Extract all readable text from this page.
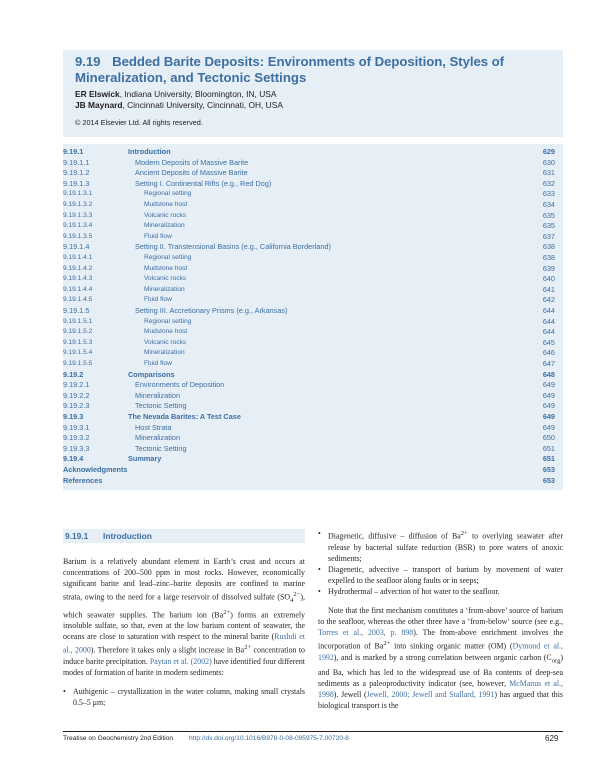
9.19 Bedded Barite Deposits: Environments of Deposition, Styles of
Mineralization, and Tectonic Settings
ER Elswick, Indiana University, Bloomington, IN, USA
JB Maynard, Cincinnati University, Cincinnati, OH, USA
© 2014 Elsevier Ltd. All rights reserved.
9.19.1	Introduction	629
9.19.1.1	Modern Deposits of Massive Barite	630
9.19.1.2	Ancient Deposits of Massive Barite	631
9.19.1.3	Setting I. Continental Rifts (e.g., Red Dog)	632
9.19.1.3.1	Regional setting	633
9.19.1.3.2	Mudstone host	634
9.19.1.3.3	Volcanic rocks	635
9.19.1.3.4	Mineralization	635
9.19.1.3.5	Fluid flow	637
9.19.1.4	Setting II. Transtensional Basins (e.g., California Borderland)	638
9.19.1.4.1	Regional setting	638
9.19.1.4.2	Mudstone host	639
9.19.1.4.3	Volcanic rocks	640
9.19.1.4.4	Mineralization	641
9.19.1.4.5	Fluid flow	642
9.19.1.5	Setting III. Accretionary Prisms (e.g., Arkansas)	644
9.19.1.5.1	Regional setting	644
9.19.1.5.2	Mudstone host	644
9.19.1.5.3	Volcanic rocks	645
9.19.1.5.4	Mineralization	646
9.19.1.5.5	Fluid flow	647
9.19.2	Comparisons	648
9.19.2.1	Environments of Deposition	649
9.19.2.2	Mineralization	649
9.19.2.3	Tectonic Setting	649
9.19.3	The Nevada Barites: A Test Case	649
9.19.3.1	Host Strata	649
9.19.3.2	Mineralization	650
9.19.3.3	Tectonic Setting	651
9.19.4	Summary	651
Acknowledgments	653
References	653
9.19.1 Introduction

Barium is a relatively abundant element in Earth’s crust and occurs at concentrations of 200–500 ppm in most rocks. However, economically significant barite and lead–zinc–barite deposits are confined to marine strata, owing to the need for a large reservoir of dissolved sulfate $(SO_4^{2-})$, which seawater supplies. The barium ion $(Ba^{2+})$ forms an extremely insoluble sulfate, so that, even at the low barium content of seawater, the oceans are close to saturation with respect to the mineral barite (Rushdi et al., 2000). Therefore it takes only a slight increase in $Ba^{2+}$ concentration to induce barite precipitation. Paytan et al. (2002) have identified four different modes of formation of barite in modern sediments:

• Authigenic – crystallization in the water column, making small crystals 0.5–5 μm;

• Diagenetic, diffusive – diffusion of $Ba^{2+}$ to overlying seawater after release by bacterial sulfate reduction (BSR) to pore waters of anoxic sediments;

• Diagenetic, advective – transport of barium by movement of water expelled to the seafloor along faults or in seeps;

• Hydrothermal – advection of hot water to the seafloor.

Note that the first mechanism constitutes a ‘from-above’ source of barium to the seafloor, whereas the other three have a ‘from-below’ source (see e.g., Torres et al., 2003, p. 898). The from-above enrichment involves the incorporation of $Ba^{2+}$ into sinking organic matter (OM) (Dymond et al., 1992), and is marked by a strong correlation between organic carbon $(C_{org})$ and Ba, which has led to the widespread use of Ba contents of deep-sea sediments as a paleoproductivity indicator (see, however, McManus et al., 1998). Jewell (Jewell, 2000; Jewell and Stallard, 1991) has argued that this biological transport is the

Treatise on Geochemistry 2nd Edition http://dx.doi.org/10.1016/B978-0-08-095975-7.00720-8	629
